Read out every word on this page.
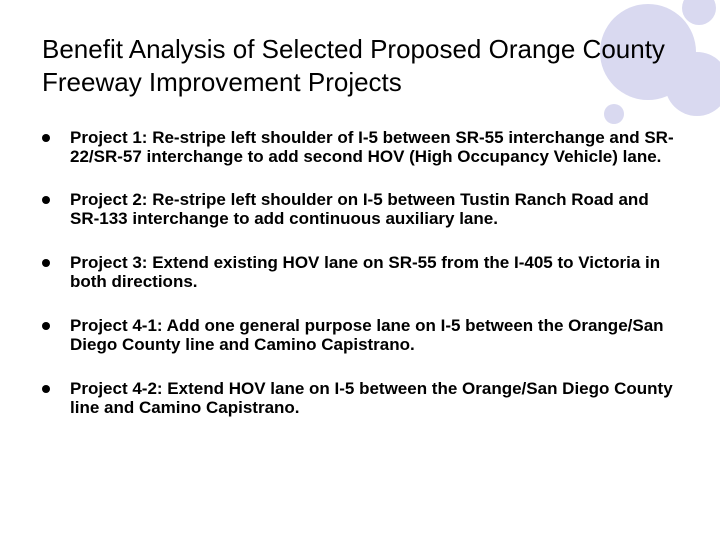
Benefit Analysis of Selected Proposed Orange County Freeway Improvement Projects
Project 1: Re-stripe left shoulder of I-5 between SR-55 interchange and SR-22/SR-57 interchange to add second HOV (High Occupancy Vehicle) lane.
Project 2: Re-stripe left shoulder on I-5 between Tustin Ranch Road and SR-133 interchange to add continuous auxiliary lane.
Project 3: Extend existing HOV lane on SR-55 from the I-405 to Victoria in both directions.
Project 4-1: Add one general purpose lane on I-5 between the Orange/San Diego County line and Camino Capistrano.
Project 4-2: Extend HOV lane on I-5 between the Orange/San Diego County line and Camino Capistrano.
